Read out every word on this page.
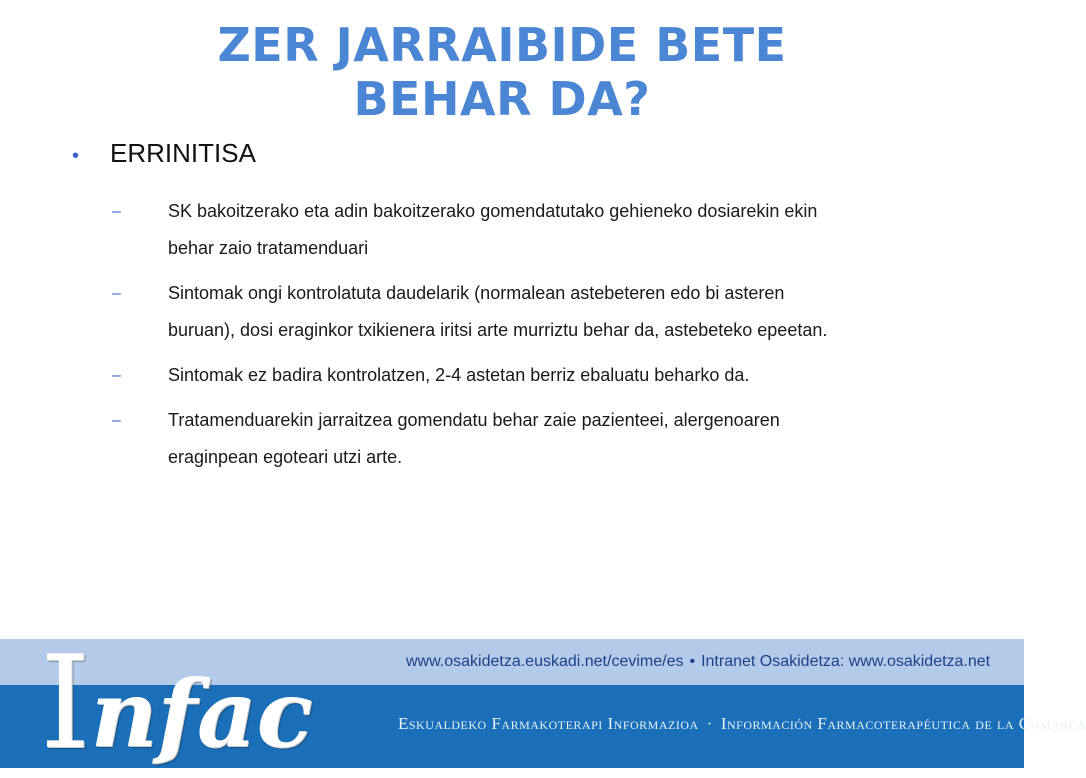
ZER JARRAIBIDE BETE
BEHAR DA?
•	ERRINITISA
–	SK bakoitzerako eta adin bakoitzerako gomendatutako gehieneko dosiarekin ekin
behar zaio tratamenduari
–	Sintomak ongi kontrolatuta daudelarik (normalean astebeteren edo bi asteren
buruan), dosi eraginkor txikienera iritsi arte murriztu behar da, astebeteko epeetan.
–	Sintomak ez badira kontrolatzen, 2-4 astetan berriz ebaluatu beharko da.
–	Tratamenduarekin jarraitzea gomendatu behar zaie pazienteei, alergenoaren
eraginpean egoteari utzi arte.
Infac	www.osakidetza.euskadi.net/cevime/es • Intranet Osakidetza: www.osakidetza.net
Eskualdeko Farmakoterapi Informazioa · Información Farmacoterapéutica de la Comarca
